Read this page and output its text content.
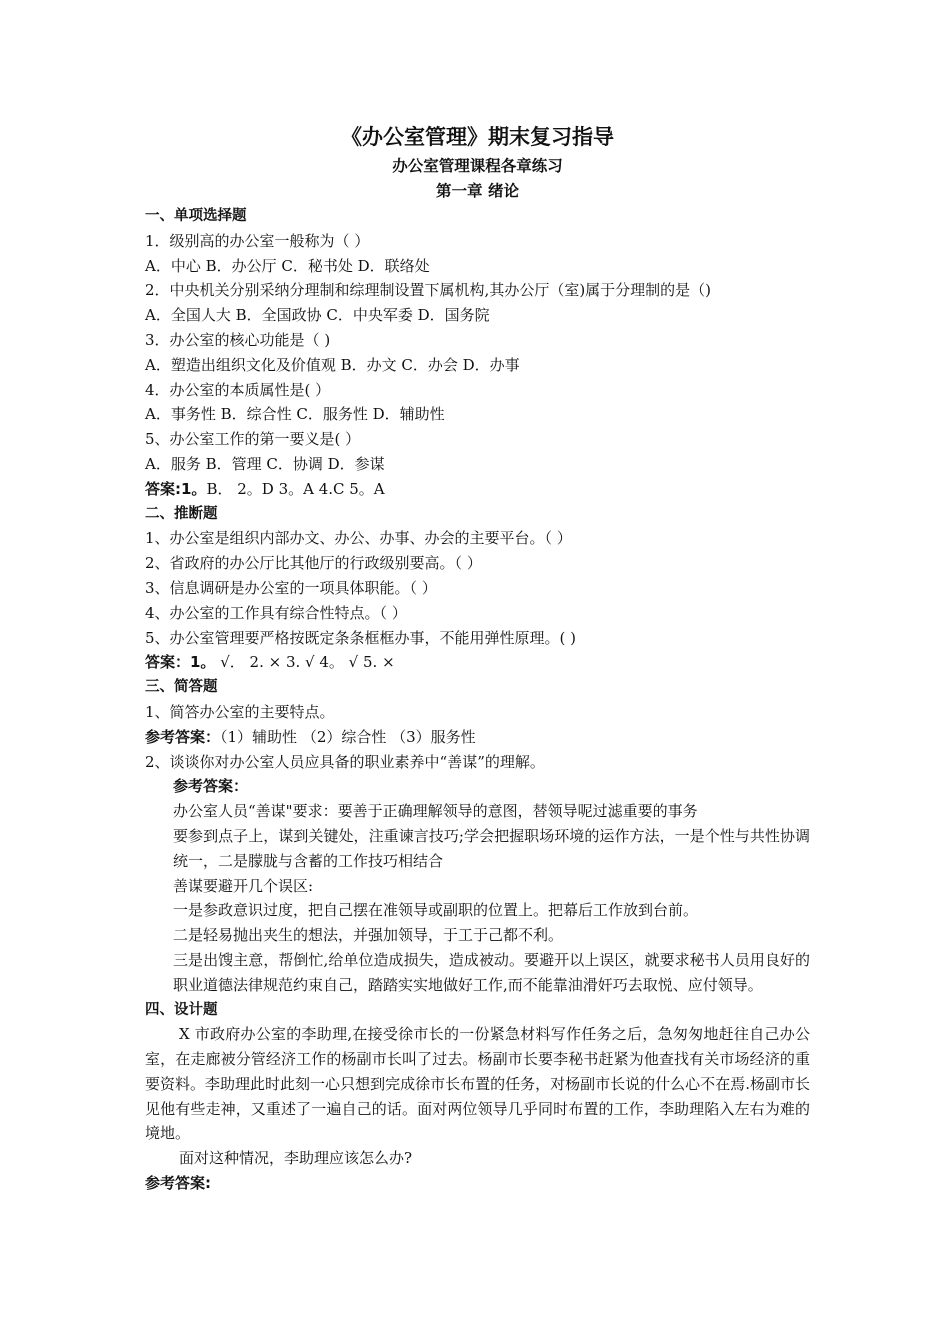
《办公室管理》期末复习指导
办公室管理课程各章练习
第一章 绪论
一、单项选择题
1．级别高的办公室一般称为（ ）
A．中心 B．办公厅 C．秘书处 D．联络处
2．中央机关分别采纳分理制和综理制设置下属机构,其办公厅（室)属于分理制的是（)
A．全国人大 B．全国政协 C．中央军委 D．国务院
3．办公室的核心功能是（ )
A．塑造出组织文化及价值观 B．办文 C．办会 D．办事
4．办公室的本质属性是( ）
A．事务性 B．综合性 C．服务性 D．辅助性
5、办公室工作的第一要义是( ）
A．服务 B．管理 C．协调 D．参谋
答案:1。B． 2。D 3。A 4.C 5。A
二、推断题
1、办公室是组织内部办文、办公、办事、办会的主要平台。（ ）
2、省政府的办公厅比其他厅的行政级别要高。（ ）
3、信息调研是办公室的一项具体职能。（ ）
4、办公室的工作具有综合性特点。（ ）
5、办公室管理要严格按既定条条框框办事，不能用弹性原理。( )
答案：1。 √． 2. × 3. √ 4。 √ 5. ×
三、简答题
1、简答办公室的主要特点。
参考答案：（1）辅助性 （2）综合性 （3）服务性
2、谈谈你对办公室人员应具备的职业素养中“善谋”的理解。
参考答案：
办公室人员“善谋"要求：要善于正确理解领导的意图，替领导呢过滤重要的事务
要参到点子上，谋到关键处，注重谏言技巧;学会把握职场环境的运作方法，一是个性与共性协调统一，二是朦胧与含蓄的工作技巧相结合
善谋要避开几个误区:
一是参政意识过度，把自己摆在准领导或副职的位置上。把幕后工作放到台前。
二是轻易抛出夹生的想法，并强加领导，于工于己都不利。
三是出馊主意，帮倒忙,给单位造成损失，造成被动。要避开以上误区，就要求秘书人员用良好的职业道德法律规范约束自己，踏踏实实地做好工作,而不能靠油滑奸巧去取悦、应付领导。
四、设计题
X 市政府办公室的李助理,在接受徐市长的一份紧急材料写作任务之后，急匆匆地赶往自己办公室，在走廊被分管经济工作的杨副市长叫了过去。杨副市长要李秘书赶紧为他查找有关市场经济的重要资料。李助理此时此刻一心只想到完成徐市长布置的任务，对杨副市长说的什么心不在焉.杨副市长见他有些走神，又重述了一遍自己的话。面对两位领导几乎同时布置的工作，李助理陷入左右为难的境地。
面对这种情况，李助理应该怎么办?
参考答案:
